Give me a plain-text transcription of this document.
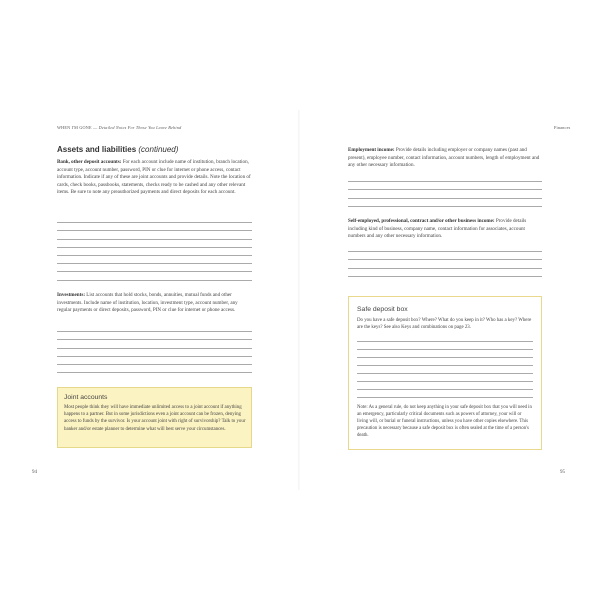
WHEN I'M GONE — Detailed Notes For Those You Leave Behind
Assets and liabilities (continued)
Bank, other deposit accounts: For each account include name of institution, branch location, account type, account number, password, PIN or clue for internet or phone access, contact information. Indicate if any of these are joint accounts and provide details. Note the location of cards, check books, passbooks, statements, checks ready to be cashed and any other relevant items. Be sure to note any preauthorized payments and direct deposits for each account.
Investments: List accounts that hold stocks, bonds, annuities, mutual funds and other investments. Include name of institution, location, investment type, account number, any regular payments or direct deposits, password, PIN or clue for internet or phone access.
Joint accounts
Most people think they will have immediate unlimited access to a joint account if anything happens to a partner. But in some jurisdictions even a joint account can be frozen, denying access to funds by the survivor. Is your account joint with right of survivorship? Talk to your banker and/or estate planner to determine what will best serve your circumstances.
94
Finances
Employment income: Provide details including employer or company names (past and present), employee number, contact information, account numbers, length of employment and any other necessary information.
Self-employed, professional, contract and/or other business income: Provide details including kind of business, company name, contact information for associates, account numbers and any other necessary information.
95
Safe deposit box
Do you have a safe deposit box? Where? What do you keep in it? Who has a key? Where are the keys? See also Keys and combinations on page 23.
Note: As a general rule, do not keep anything in your safe deposit box that you will need in an emergency, particularly critical documents such as powers of attorney, your will or living will, or burial or funeral instructions, unless you have other copies elsewhere. This precaution is necessary because a safe deposit box is often sealed at the time of a person's death.
